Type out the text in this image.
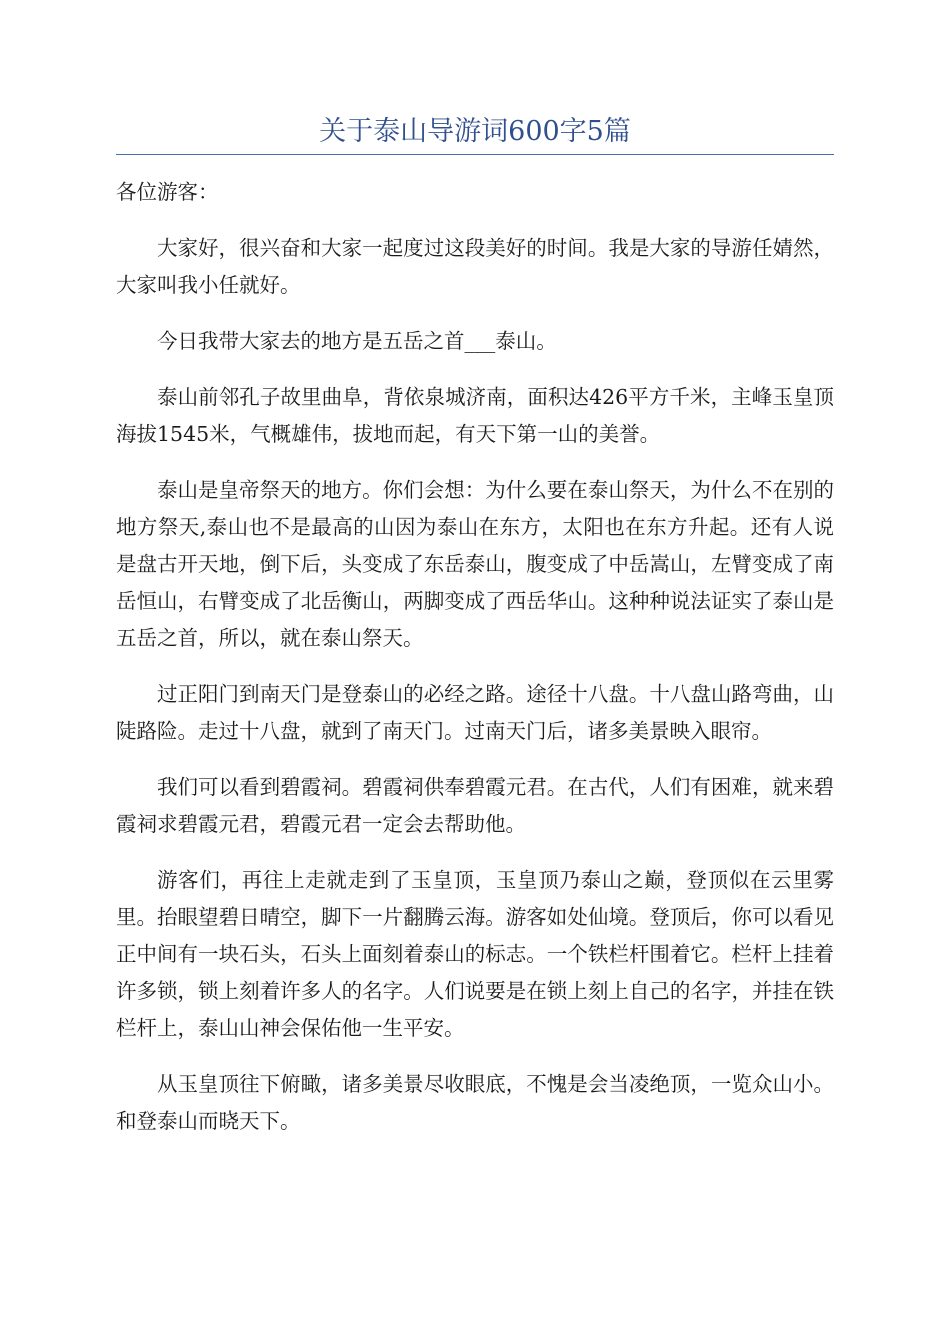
关于泰山导游词600字5篇

各位游客：

大家好，很兴奋和大家一起度过这段美好的时间。我是大家的导游任婧然，大家叫我小任就好。

今日我带大家去的地方是五岳之首___泰山。

泰山前邻孔子故里曲阜，背依泉城济南，面积达426平方千米，主峰玉皇顶海拔1545米，气概雄伟，拔地而起，有天下第一山的美誉。

泰山是皇帝祭天的地方。你们会想：为什么要在泰山祭天，为什么不在别的地方祭天,泰山也不是最高的山因为泰山在东方，太阳也在东方升起。还有人说是盘古开天地，倒下后，头变成了东岳泰山，腹变成了中岳嵩山，左臂变成了南岳恒山，右臂变成了北岳衡山，两脚变成了西岳华山。这种种说法证实了泰山是五岳之首，所以，就在泰山祭天。

过正阳门到南天门是登泰山的必经之路。途径十八盘。十八盘山路弯曲，山陡路险。走过十八盘，就到了南天门。过南天门后，诸多美景映入眼帘。

我们可以看到碧霞祠。碧霞祠供奉碧霞元君。在古代，人们有困难，就来碧霞祠求碧霞元君，碧霞元君一定会去帮助他。

游客们，再往上走就走到了玉皇顶，玉皇顶乃泰山之巅，登顶似在云里雾里。抬眼望碧日晴空，脚下一片翻腾云海。游客如处仙境。登顶后，你可以看见正中间有一块石头，石头上面刻着泰山的标志。一个铁栏杆围着它。栏杆上挂着许多锁，锁上刻着许多人的名字。人们说要是在锁上刻上自己的名字，并挂在铁栏杆上，泰山山神会保佑他一生平安。

从玉皇顶往下俯瞰，诸多美景尽收眼底，不愧是会当凌绝顶，一览众山小。和登泰山而晓天下。
